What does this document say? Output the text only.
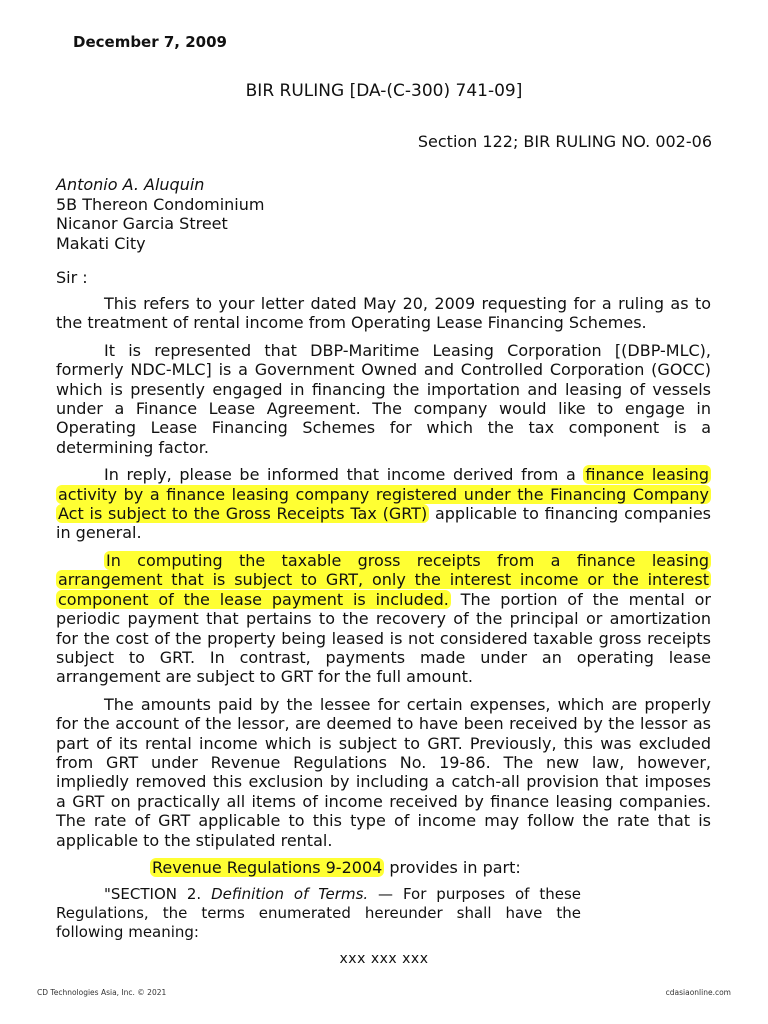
December 7, 2009
BIR RULING [DA-(C-300) 741-09]
Section 122; BIR RULING NO. 002-06
Antonio A. Aluquin
5B Thereon Condominium
Nicanor Garcia Street
Makati City
Sir :

This refers to your letter dated May 20, 2009 requesting for a ruling as to the treatment of rental income from Operating Lease Financing Schemes.

It is represented that DBP-Maritime Leasing Corporation [(DBP-MLC), formerly NDC-MLC] is a Government Owned and Controlled Corporation (GOCC) which is presently engaged in financing the importation and leasing of vessels under a Finance Lease Agreement. The company would like to engage in Operating Lease Financing Schemes for which the tax component is a determining factor.

In reply, please be informed that income derived from a finance leasing activity by a finance leasing company registered under the Financing Company Act is subject to the Gross Receipts Tax (GRT) applicable to financing companies in general.

In computing the taxable gross receipts from a finance leasing arrangement that is subject to GRT, only the interest income or the interest component of the lease payment is included. The portion of the mental or periodic payment that pertains to the recovery of the principal or amortization for the cost of the property being leased is not considered taxable gross receipts subject to GRT. In contrast, payments made under an operating lease arrangement are subject to GRT for the full amount.

The amounts paid by the lessee for certain expenses, which are properly for the account of the lessor, are deemed to have been received by the lessor as part of its rental income which is subject to GRT. Previously, this was excluded from GRT under Revenue Regulations No. 19-86. The new law, however, impliedly removed this exclusion by including a catch-all provision that imposes a GRT on practically all items of income received by finance leasing companies. The rate of GRT applicable to this type of income may follow the rate that is applicable to the stipulated rental.

Revenue Regulations 9-2004 provides in part:

"SECTION 2. Definition of Terms. — For purposes of these Regulations, the terms enumerated hereunder shall have the following meaning:

xxx xxx xxx
CD Technologies Asia, Inc. © 2021	cdasiaonline.com
